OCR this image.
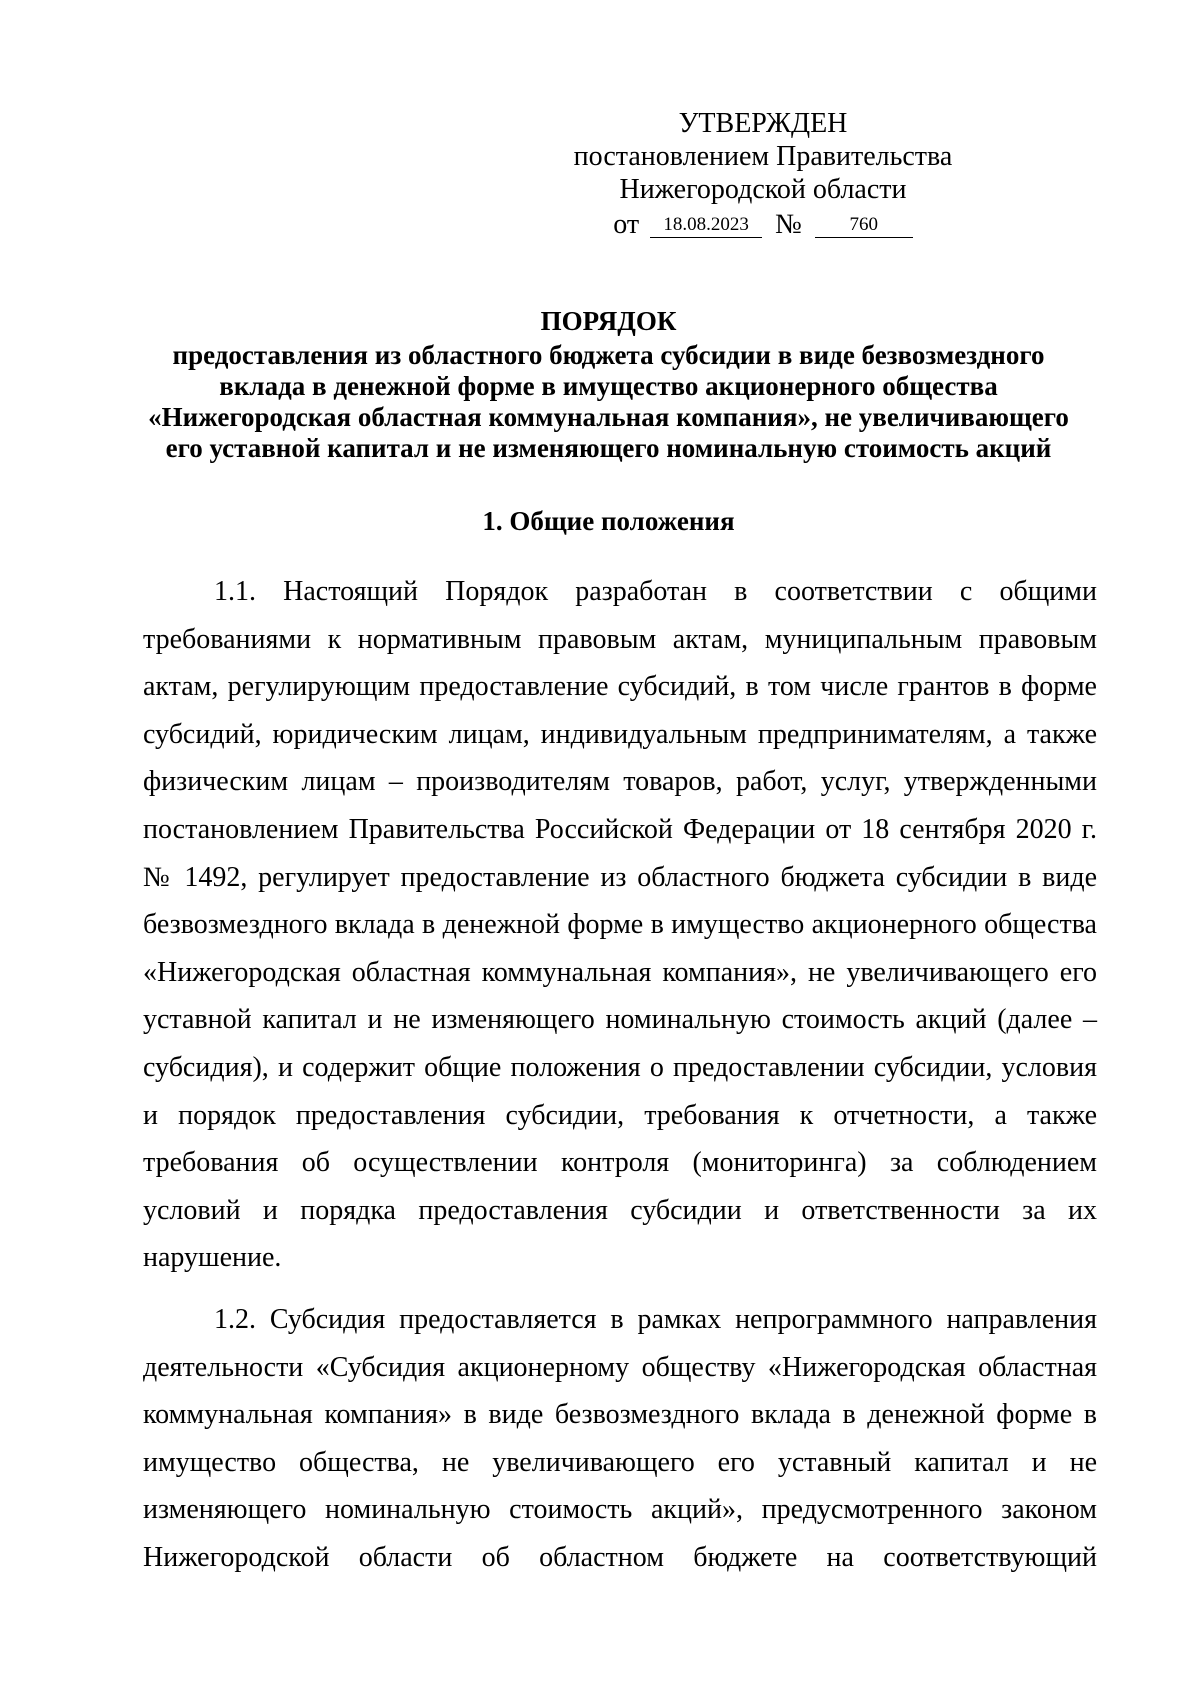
УТВЕРЖДЕН
постановлением Правительства
Нижегородской области
от 18.08.2023 №	760
ПОРЯДОК
предоставления из областного бюджета субсидии в виде безвозмездного
вклада в денежной форме в имущество акционерного общества
«Нижегородская областная коммунальная компания», не увеличивающего
его уставной капитал и не изменяющего номинальную стоимость акций
1. Общие положения

1.1. Настоящий Порядок разработан в соответствии с общими требованиями к нормативным правовым актам, муниципальным правовым актам, регулирующим предоставление субсидий, в том числе грантов в форме субсидий, юридическим лицам, индивидуальным предпринимателям, а также физическим лицам – производителям товаров, работ, услуг, утвержденными постановлением Правительства Российской Федерации от 18 сентября 2020 г. № 1492, регулирует предоставление из областного бюджета субсидии в виде безвозмездного вклада в денежной форме в имущество акционерного общества «Нижегородская областная коммунальная компания», не увеличивающего его уставной капитал и не изменяющего номинальную стоимость акций (далее – субсидия), и содержит общие положения о предоставлении субсидии, условия и порядок предоставления субсидии, требования к отчетности, а также требования об осуществлении контроля (мониторинга) за соблюдением условий и порядка предоставления субсидии и ответственности за их нарушение.

1.2. Субсидия предоставляется в рамках непрограммного направления деятельности «Субсидия акционерному обществу «Нижегородская областная коммунальная компания» в виде безвозмездного вклада в денежной форме в имущество общества, не увеличивающего его уставный капитал и не изменяющего номинальную стоимость акций», предусмотренного законом Нижегородской области об областном бюджете на соответствующий
